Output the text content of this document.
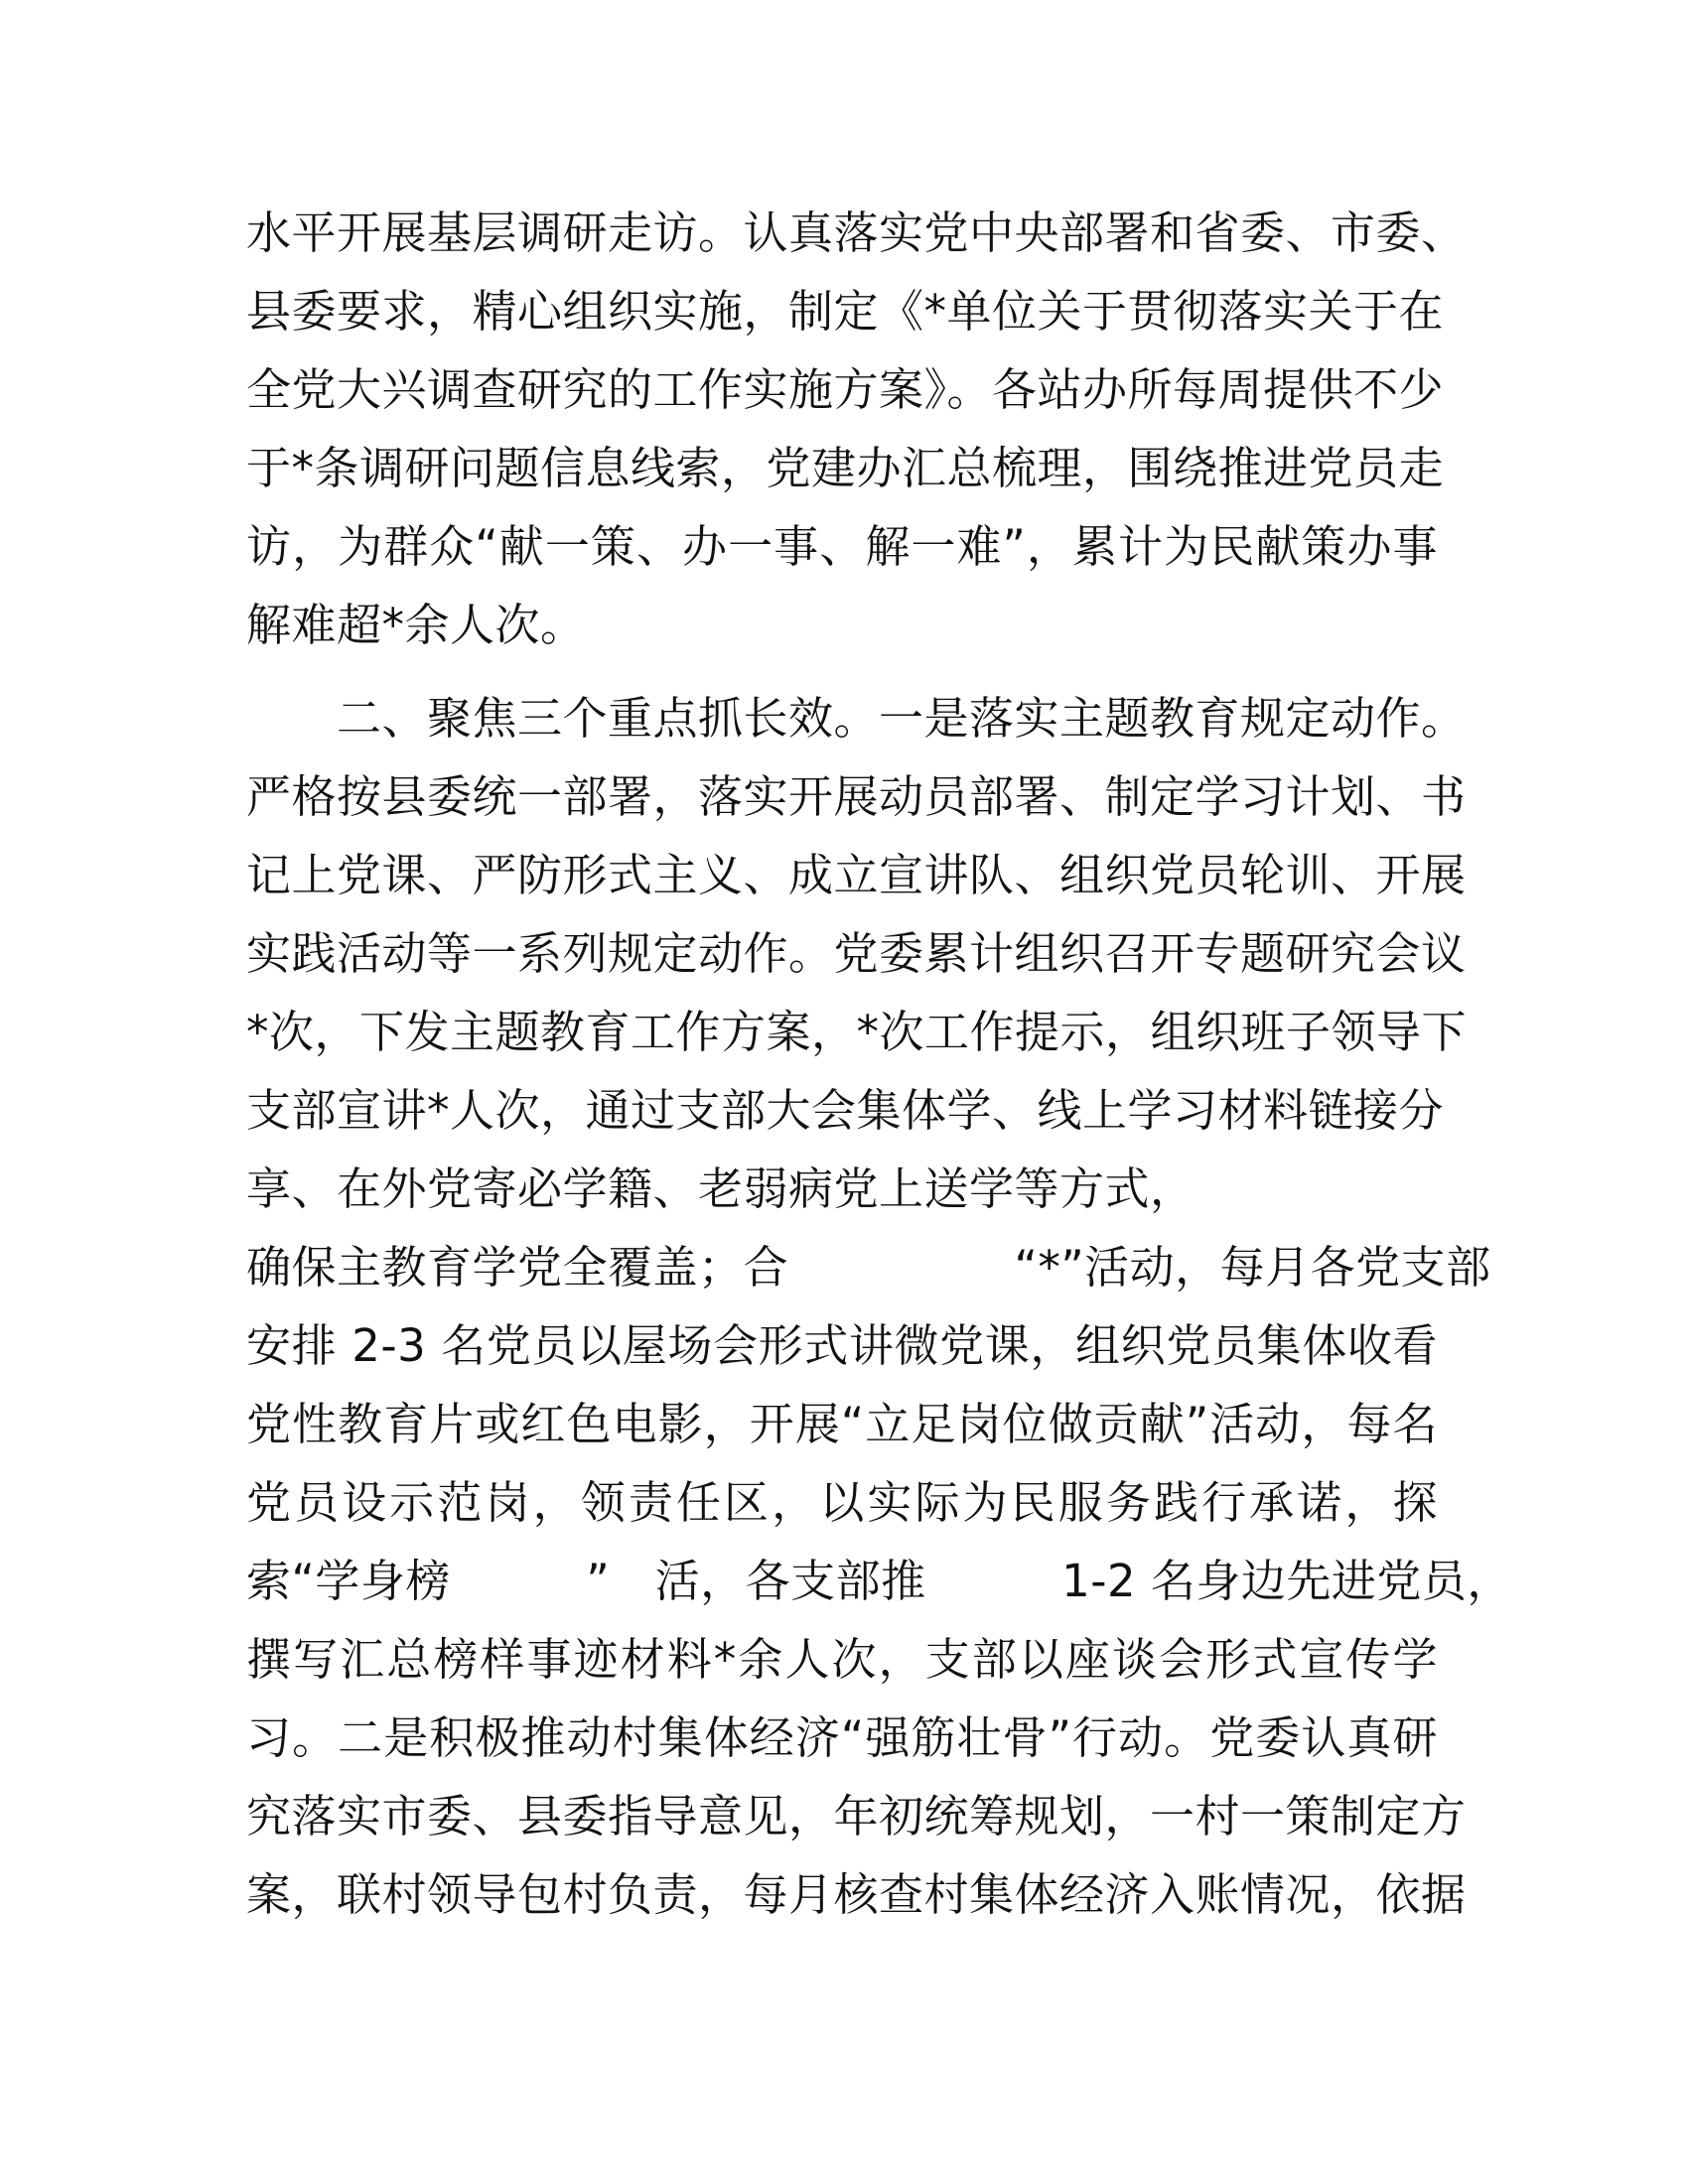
水平开展基层调研走访。认真落实党中央部署和省委、市委、
县委要求，精心组织实施，制定《*单位关于贯彻落实关于在
全党大兴调查研究的工作实施方案》。各站办所每周提供不少
于*条调研问题信息线索，党建办汇总梳理，围绕推进党员走
访，为群众“献一策、办一事、解一难”，累计为民献策办事
解难超*余人次。
　　二、聚焦三个重点抓长效。一是落实主题教育规定动作。
严格按县委统一部署，落实开展动员部署、制定学习计划、书
记上党课、严防形式主义、成立宣讲队、组织党员轮训、开展
实践活动等一系列规定动作。党委累计组织召开专题研究会议
*次，下发主题教育工作方案，*次工作提示，组织班子领导下
支部宣讲*人次，通过支部大会集体学、线上学习材料链接分
享、在外党寄必学籍、老弱病党上送学等方式，
确保主教育学党全覆盖；合　　　　　“*”活动，每月各党支部
安排 2-3 名党员以屋场会形式讲微党课，组织党员集体收看
党性教育片或红色电影，开展“立足岗位做贡献”活动，每名
党员设示范岗，领责任区，以实际为民服务践行承诺，探
索“学身榜　　　”　活，各支部推　　　1-2 名身边先进党员，
撰写汇总榜样事迹材料*余人次，支部以座谈会形式宣传学
习。二是积极推动村集体经济“强筋壮骨”行动。党委认真研
究落实市委、县委指导意见，年初统筹规划，一村一策制定方
案，联村领导包村负责，每月核查村集体经济入账情况，依据
